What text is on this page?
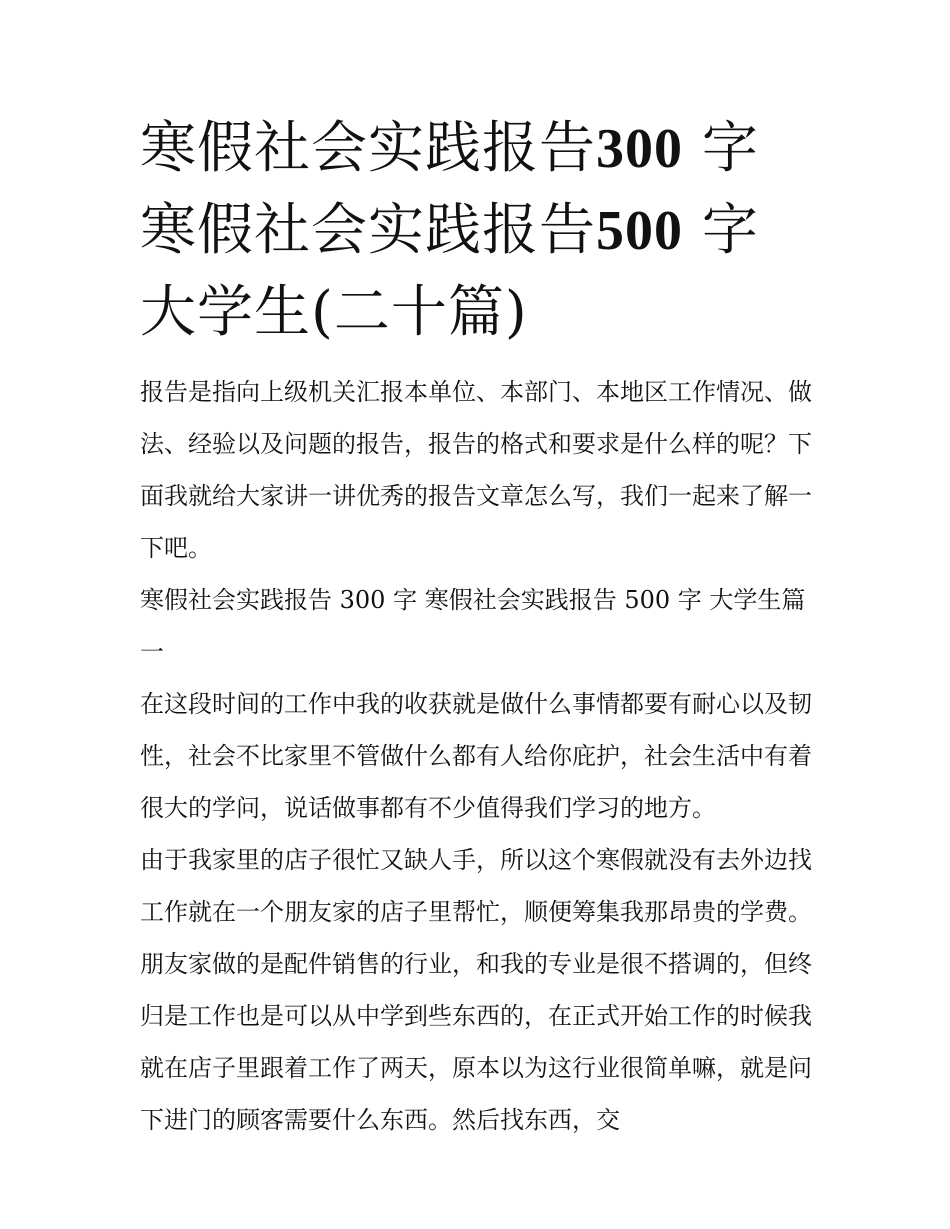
寒假社会实践报告300 字 寒假社会实践报告500 字 大学生(二十篇)

报告是指向上级机关汇报本单位、本部门、本地区工作情况、做法、经验以及问题的报告，报告的格式和要求是什么样的呢？下面我就给大家讲一讲优秀的报告文章怎么写，我们一起来了解一下吧。

寒假社会实践报告 300 字 寒假社会实践报告 500 字 大学生篇一

在这段时间的工作中我的收获就是做什么事情都要有耐心以及韧性，社会不比家里不管做什么都有人给你庇护，社会生活中有着很大的学问，说话做事都有不少值得我们学习的地方。

由于我家里的店子很忙又缺人手，所以这个寒假就没有去外边找工作就在一个朋友家的店子里帮忙，顺便筹集我那昂贵的学费。朋友家做的是配件销售的行业，和我的专业是很不搭调的，但终归是工作也是可以从中学到些东西的，在正式开始工作的时候我就在店子里跟着工作了两天，原本以为这行业很简单嘛，就是问下进门的顾客需要什么东西。然后找东西，交
